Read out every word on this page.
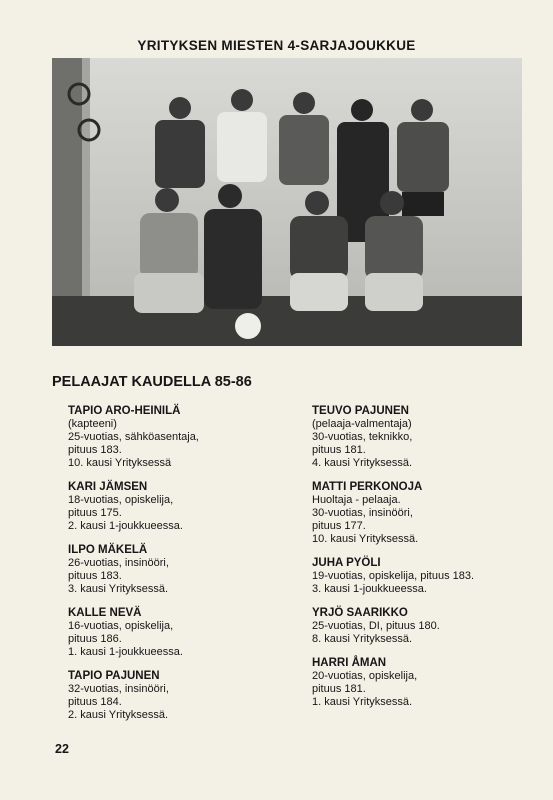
YRITYKSEN MIESTEN 4-SARJAJOUKKUE
PELAAJAT KAUDELLA 85-86
TAPIO ARO-HEINILÄ
(kapteeni)
25-vuotias, sähköasentaja,
pituus 183.
10. kausi Yrityksessä
KARI JÄMSEN
18-vuotias, opiskelija,
pituus 175.
2. kausi 1-joukkueessa.
ILPO MÄKELÄ
26-vuotias, insinööri,
pituus 183.
3. kausi Yrityksessä.
KALLE NEVÄ
16-vuotias, opiskelija,
pituus 186.
1. kausi 1-joukkueessa.
TAPIO PAJUNEN
32-vuotias, insinööri,
pituus 184.
2. kausi Yrityksessä.
TEUVO PAJUNEN
(pelaaja-valmentaja)
30-vuotias, teknikko,
pituus 181.
4. kausi Yrityksessä.
MATTI PERKONOJA
Huoltaja - pelaaja.
30-vuotias, insinööri,
pituus 177.
10. kausi Yrityksessä.
JUHA PYÖLI
19-vuotias, opiskelija, pituus 183.
3. kausi 1-joukkueessa.
YRJÖ SAARIKKO
25-vuotias, DI, pituus 180.
8. kausi Yrityksessä.
HARRI ÅMAN
20-vuotias, opiskelija,
pituus 181.
1. kausi Yrityksessä.
22
